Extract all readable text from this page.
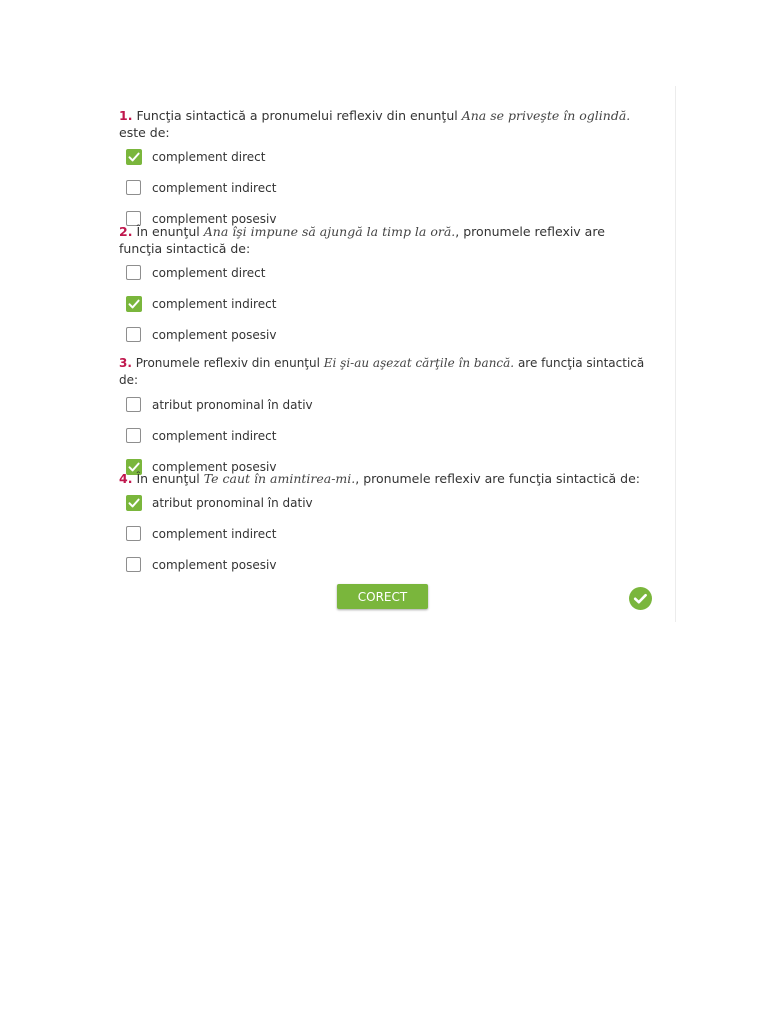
1. Funcţia sintactică a pronumelui reflexiv din enunţul Ana se priveşte în oglindă. este de:

complement direct
complement indirect
complement posesiv

2. În enunţul Ana îşi impune să ajungă la timp la oră., pronumele reflexiv are funcţia sintactică de:

complement direct
complement indirect
complement posesiv

3. Pronumele reflexiv din enunţul Ei şi-au aşezat cărţile în bancă. are funcţia sintactică de:

atribut pronominal în dativ
complement indirect
complement posesiv

4. În enunţul Te caut în amintirea-mi., pronumele reflexiv are funcţia sintactică de:

atribut pronominal în dativ
complement indirect
complement posesiv
CORECT
